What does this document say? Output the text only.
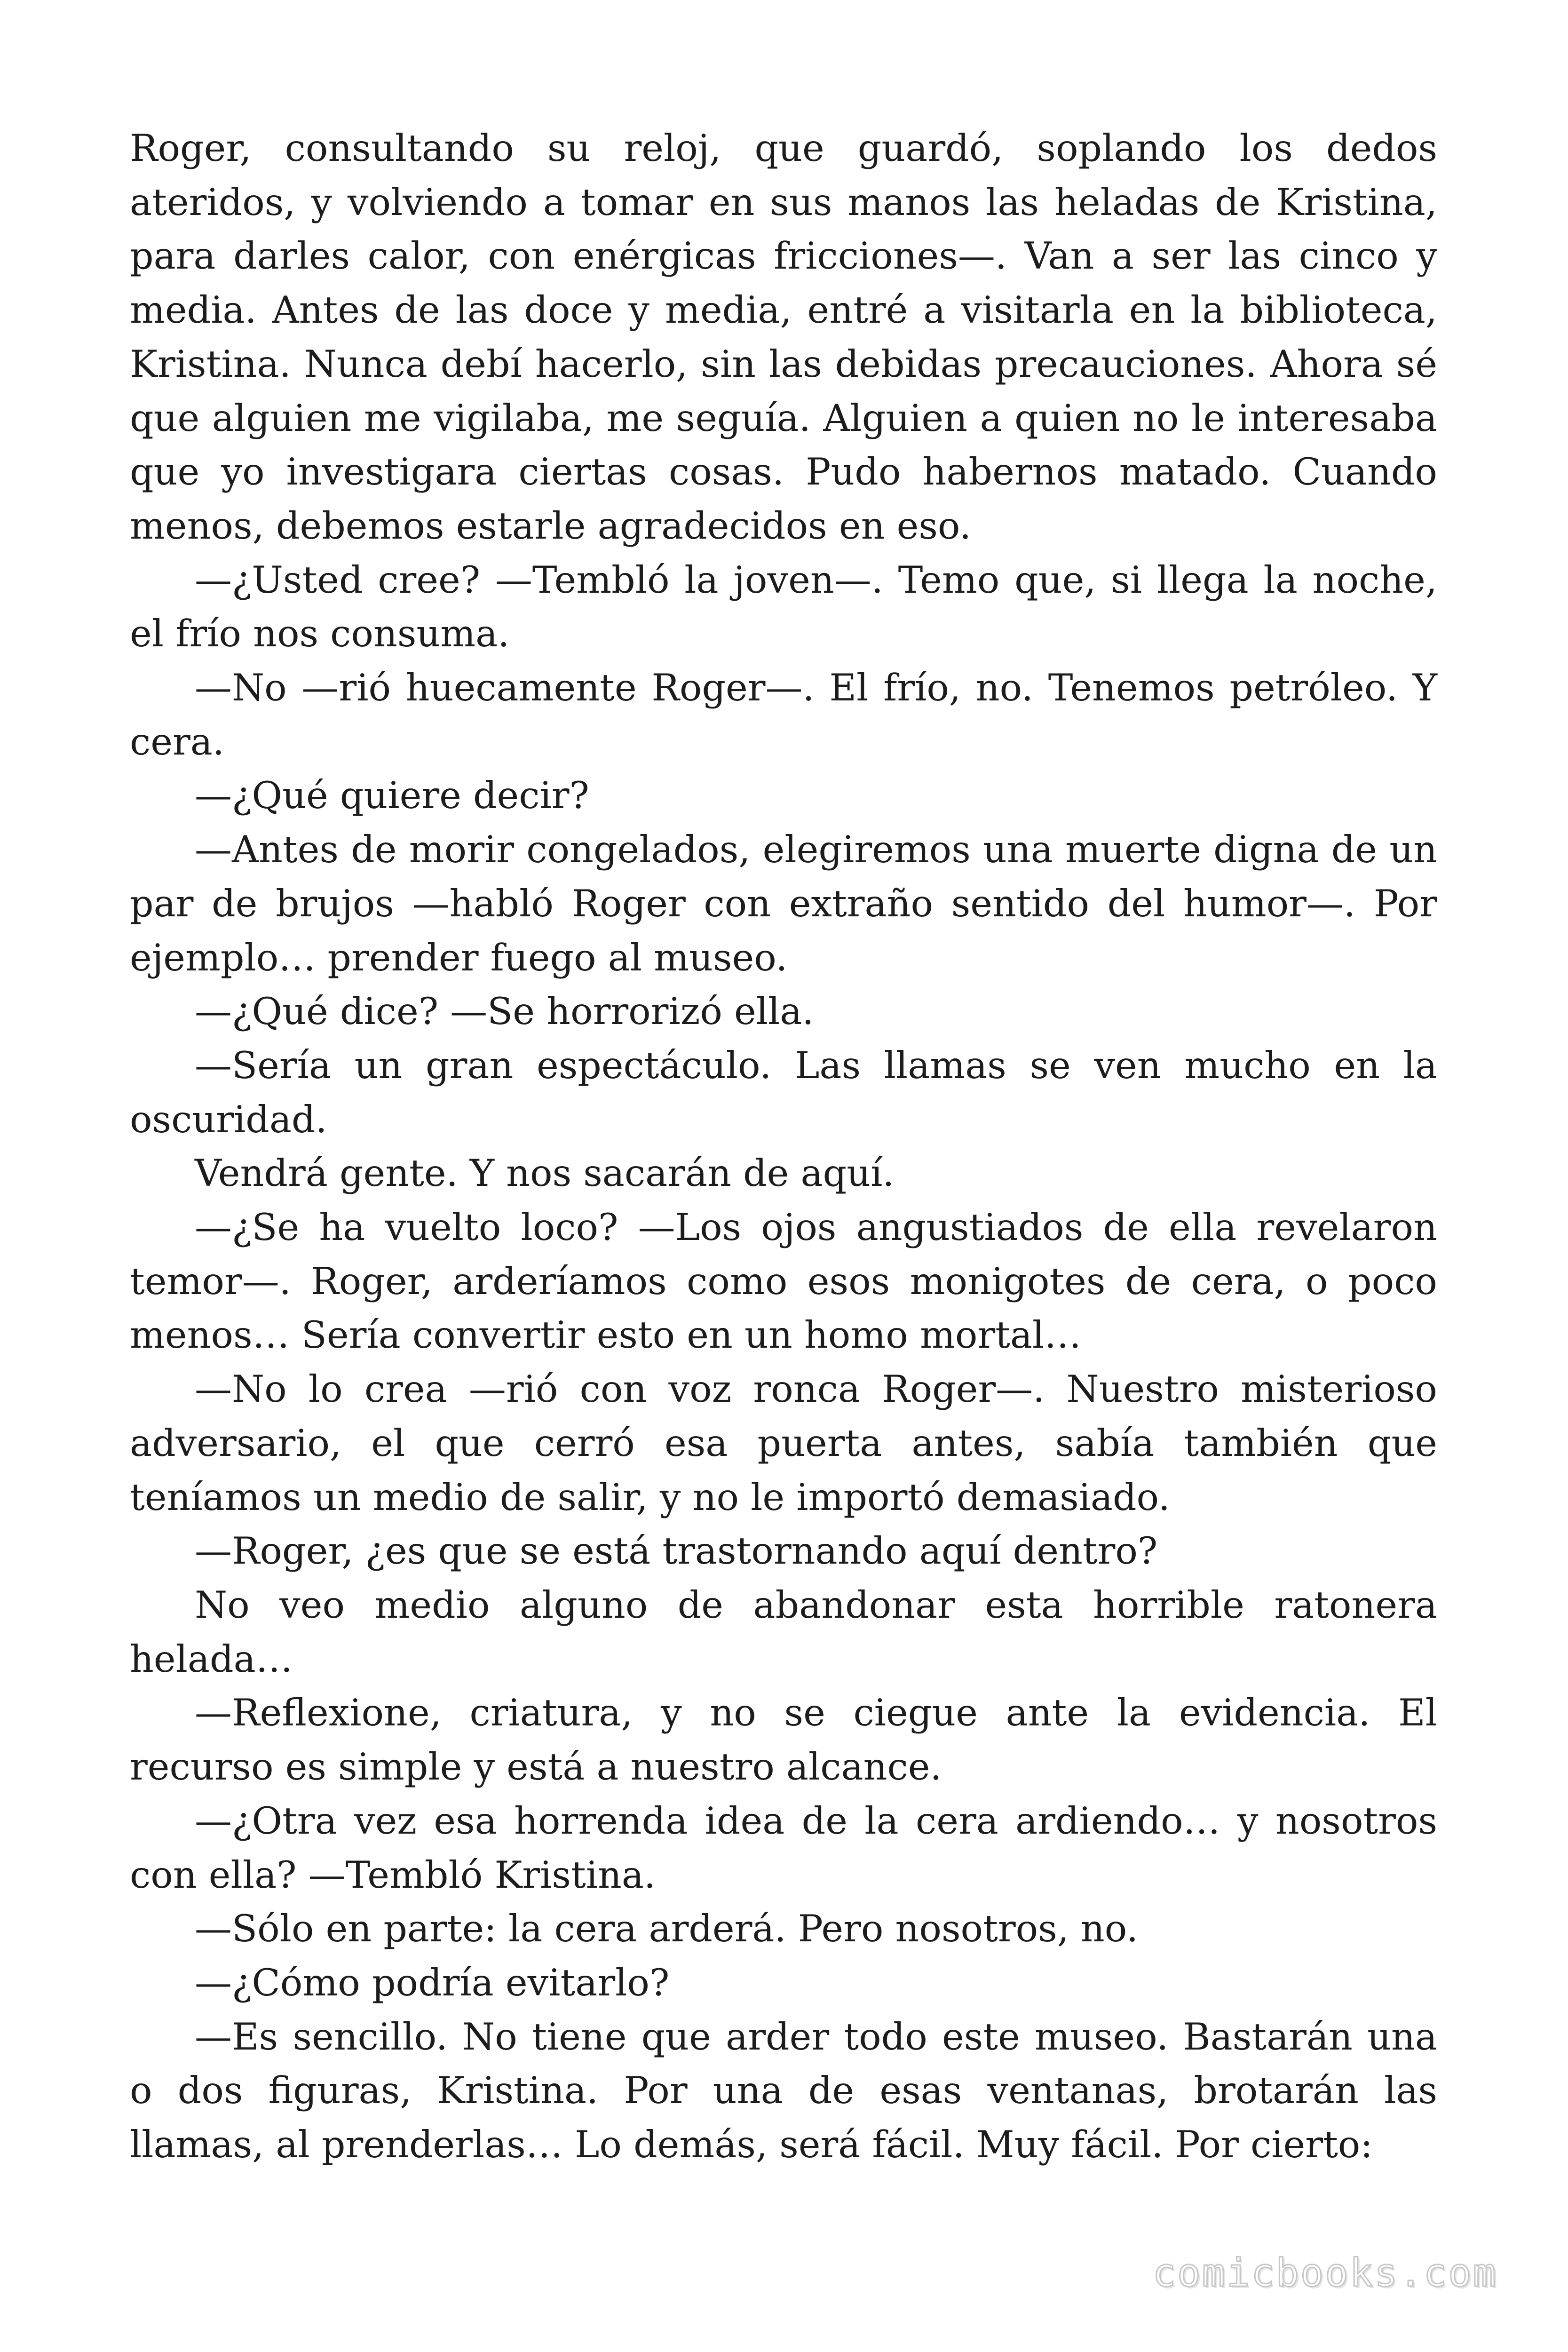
Roger, consultando su reloj, que guardó, soplando los dedos ateridos, y volviendo a tomar en sus manos las heladas de Kristina, para darles calor, con enérgicas fricciones—. Van a ser las cinco y media. Antes de las doce y media, entré a visitarla en la biblioteca, Kristina. Nunca debí hacerlo, sin las debidas precauciones. Ahora sé que alguien me vigilaba, me seguía. Alguien a quien no le interesaba que yo investigara ciertas cosas. Pudo habernos matado. Cuando menos, debemos estarle agradecidos en eso.

—¿Usted cree? —Tembló la joven—. Temo que, si llega la noche, el frío nos consuma.

—No —rió huecamente Roger—. El frío, no. Tenemos petróleo. Y cera.

—¿Qué quiere decir?

—Antes de morir congelados, elegiremos una muerte digna de un par de brujos —habló Roger con extraño sentido del humor—. Por ejemplo… prender fuego al museo.

—¿Qué dice? —Se horrorizó ella.

—Sería un gran espectáculo. Las llamas se ven mucho en la oscuridad.

Vendrá gente. Y nos sacarán de aquí.

—¿Se ha vuelto loco? —Los ojos angustiados de ella revelaron temor—. Roger, arderíamos como esos monigotes de cera, o poco menos… Sería convertir esto en un homo mortal…

—No lo crea —rió con voz ronca Roger—. Nuestro misterioso adversario, el que cerró esa puerta antes, sabía también que teníamos un medio de salir, y no le importó demasiado.

—Roger, ¿es que se está trastornando aquí dentro?

No veo medio alguno de abandonar esta horrible ratonera helada…

—Reflexione, criatura, y no se ciegue ante la evidencia. El recurso es simple y está a nuestro alcance.

—¿Otra vez esa horrenda idea de la cera ardiendo… y nosotros con ella? —Tembló Kristina.

—Sólo en parte: la cera arderá. Pero nosotros, no.

—¿Cómo podría evitarlo?

—Es sencillo. No tiene que arder todo este museo. Bastarán una o dos figuras, Kristina. Por una de esas ventanas, brotarán las llamas, al prenderlas… Lo demás, será fácil. Muy fácil. Por cierto:

comicbooks.com
